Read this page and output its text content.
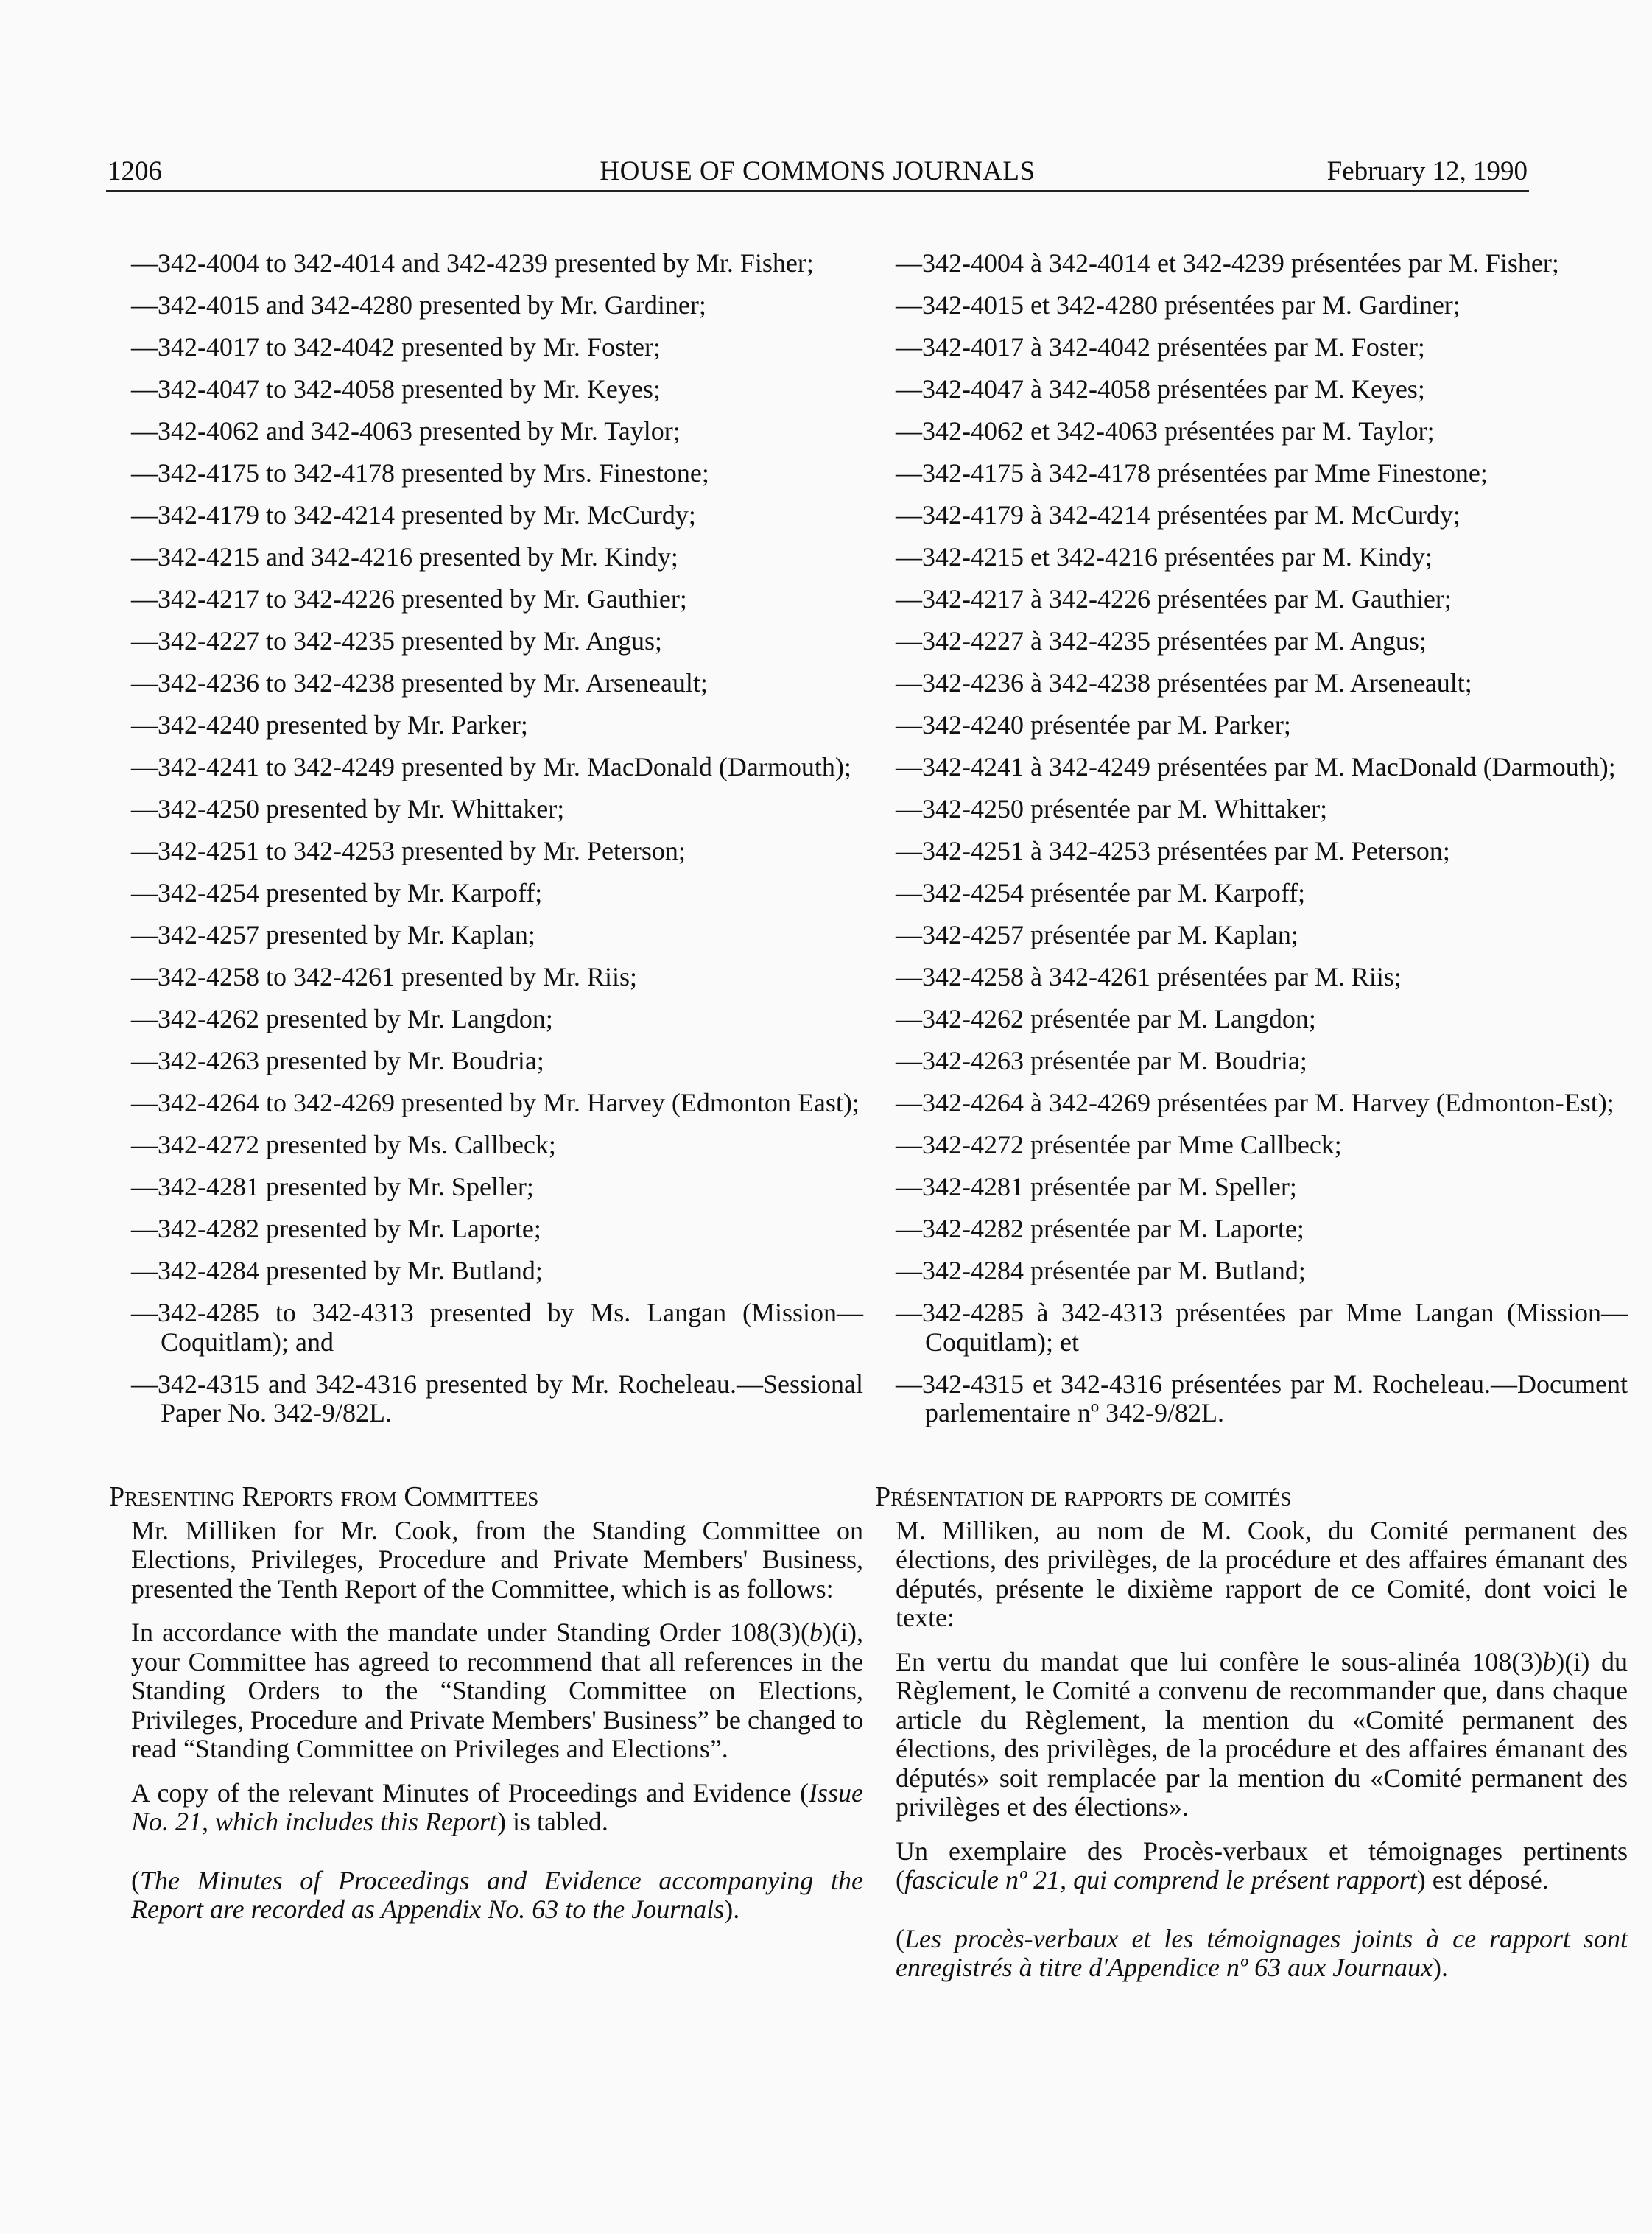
1206	HOUSE OF COMMONS JOURNALS	February 12, 1990
—342-4004 to 342-4014 and 342-4239 presented by Mr. Fisher;
—342-4015 and 342-4280 presented by Mr. Gardiner;
—342-4017 to 342-4042 presented by Mr. Foster;
—342-4047 to 342-4058 presented by Mr. Keyes;
—342-4062 and 342-4063 presented by Mr. Taylor;
—342-4175 to 342-4178 presented by Mrs. Finestone;
—342-4179 to 342-4214 presented by Mr. McCurdy;
—342-4215 and 342-4216 presented by Mr. Kindy;
—342-4217 to 342-4226 presented by Mr. Gauthier;
—342-4227 to 342-4235 presented by Mr. Angus;
—342-4236 to 342-4238 presented by Mr. Arseneault;
—342-4240 presented by Mr. Parker;
—342-4241 to 342-4249 presented by Mr. MacDonald (Darmouth);
—342-4250 presented by Mr. Whittaker;
—342-4251 to 342-4253 presented by Mr. Peterson;
—342-4254 presented by Mr. Karpoff;
—342-4257 presented by Mr. Kaplan;
—342-4258 to 342-4261 presented by Mr. Riis;
—342-4262 presented by Mr. Langdon;
—342-4263 presented by Mr. Boudria;
—342-4264 to 342-4269 presented by Mr. Harvey (Edmonton East);
—342-4272 presented by Ms. Callbeck;
—342-4281 presented by Mr. Speller;
—342-4282 presented by Mr. Laporte;
—342-4284 presented by Mr. Butland;
—342-4285 to 342-4313 presented by Ms. Langan (Mission—Coquitlam); and
—342-4315 and 342-4316 presented by Mr. Rocheleau.—Sessional Paper No. 342-9/82L.
Presenting Reports from Committees

Mr. Milliken for Mr. Cook, from the Standing Committee on Elections, Privileges, Procedure and Private Members' Business, presented the Tenth Report of the Committee, which is as follows:

In accordance with the mandate under Standing Order 108(3)(b)(i), your Committee has agreed to recommend that all references in the Standing Orders to the “Standing Committee on Elections, Privileges, Procedure and Private Members' Business” be changed to read “Standing Committee on Privileges and Elections”.

A copy of the relevant Minutes of Proceedings and Evidence (Issue No. 21, which includes this Report) is tabled.

(The Minutes of Proceedings and Evidence accompanying the Report are recorded as Appendix No. 63 to the Journals).

—342-4004 à 342-4014 et 342-4239 présentées par M. Fisher;
—342-4015 et 342-4280 présentées par M. Gardiner;
—342-4017 à 342-4042 présentées par M. Foster;
—342-4047 à 342-4058 présentées par M. Keyes;
—342-4062 et 342-4063 présentées par M. Taylor;
—342-4175 à 342-4178 présentées par Mme Finestone;
—342-4179 à 342-4214 présentées par M. McCurdy;
—342-4215 et 342-4216 présentées par M. Kindy;
—342-4217 à 342-4226 présentées par M. Gauthier;
—342-4227 à 342-4235 présentées par M. Angus;
—342-4236 à 342-4238 présentées par M. Arseneault;
—342-4240 présentée par M. Parker;
—342-4241 à 342-4249 présentées par M. MacDonald (Darmouth);
—342-4250 présentée par M. Whittaker;
—342-4251 à 342-4253 présentées par M. Peterson;
—342-4254 présentée par M. Karpoff;
—342-4257 présentée par M. Kaplan;
—342-4258 à 342-4261 présentées par M. Riis;
—342-4262 présentée par M. Langdon;
—342-4263 présentée par M. Boudria;
—342-4264 à 342-4269 présentées par M. Harvey (Edmonton-Est);
—342-4272 présentée par Mme Callbeck;
—342-4281 présentée par M. Speller;
—342-4282 présentée par M. Laporte;
—342-4284 présentée par M. Butland;
—342-4285 à 342-4313 présentées par Mme Langan (Mission—Coquitlam); et
—342-4315 et 342-4316 présentées par M. Rocheleau.—Document parlementaire nº 342-9/82L.
Présentation de rapports de comités

M. Milliken, au nom de M. Cook, du Comité permanent des élections, des privilèges, de la procédure et des affaires émanant des députés, présente le dixième rapport de ce Comité, dont voici le texte:

En vertu du mandat que lui confère le sous-alinéa 108(3)b)(i) du Règlement, le Comité a convenu de recommander que, dans chaque article du Règlement, la mention du «Comité permanent des élections, des privilèges, de la procédure et des affaires émanant des députés» soit remplacée par la mention du «Comité permanent des privilèges et des élections».

Un exemplaire des Procès-verbaux et témoignages pertinents (fascicule nº 21, qui comprend le présent rapport) est déposé.

(Les procès-verbaux et les témoignages joints à ce rapport sont enregistrés à titre d'Appendice nº 63 aux Journaux).
